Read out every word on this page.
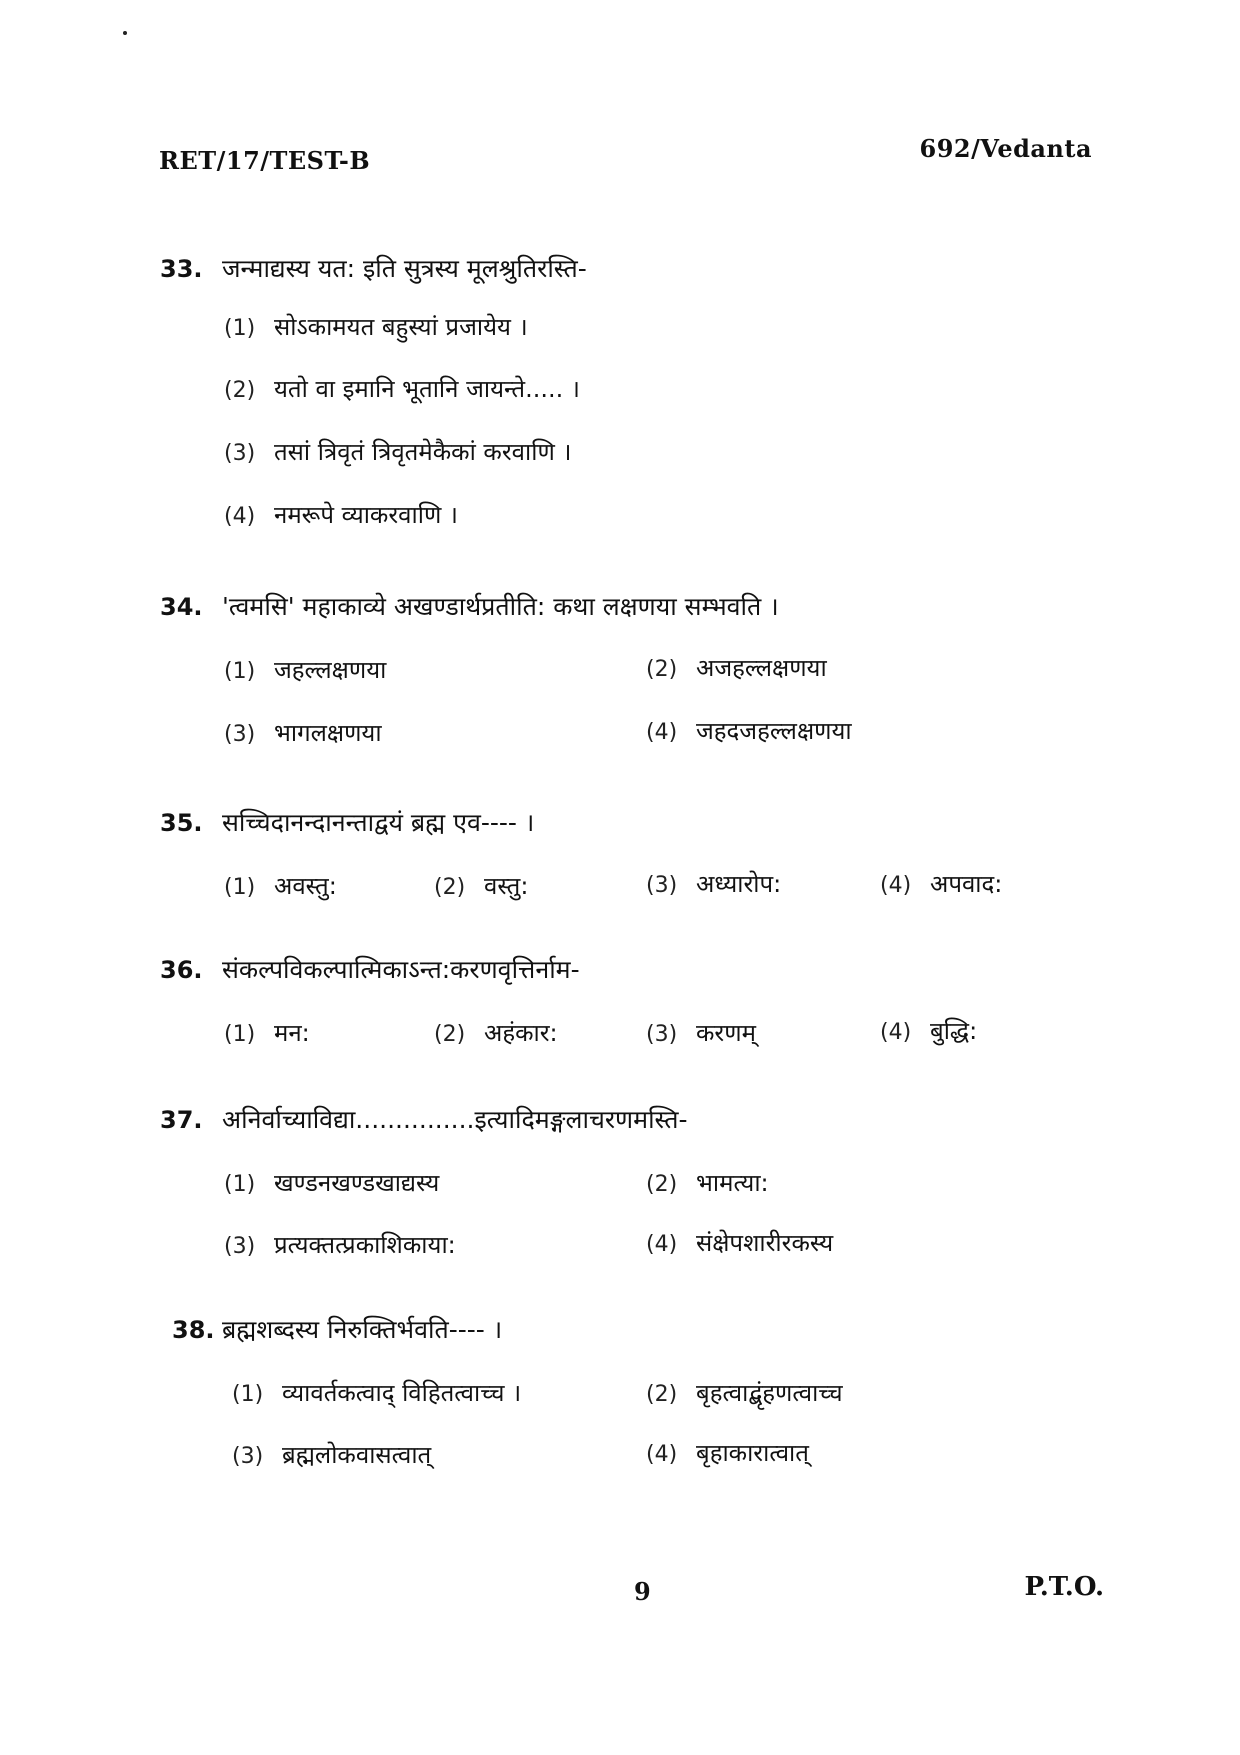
RET/17/TEST-B	692/Vedanta
33. जन्माद्यस्य यत: इति सुत्रस्य मूलश्रुतिरस्ति-
(1) सोऽकामयत बहुस्यां प्रजायेय ।
(2) यतो वा इमानि भूतानि जायन्ते..... ।
(3) तसां त्रिवृतं त्रिवृतमेकैकां करवाणि ।
(4) नमरूपे व्याकरवाणि ।
34. 'त्वमसि' महाकाव्ये अखण्डार्थप्रतीति: कथा लक्षणया सम्भवति ।
(1) जहल्लक्षणया	(2) अजहल्लक्षणया
(3) भागलक्षणया	(4) जहदजहल्लक्षणया
35. सच्चिदानन्दानन्ताद्वयं ब्रह्म एव---- ।
(1) अवस्तु:	(2) वस्तु:	(3) अध्यारोप:	(4) अपवाद:
36. संकल्पविकल्पात्मिकाऽन्त:करणवृत्तिर्नाम-
(1) मन:	(2) अहंकार:	(3) करणम्	(4) बुद्धि:
37. अनिर्वाच्याविद्या...............इत्यादिमङ्गलाचरणमस्ति-
(1) खण्डनखण्डखाद्यस्य	(2) भामत्या:
(3) प्रत्यक्तत्प्रकाशिकाया:	(4) संक्षेपशारीरकस्य
38. ब्रह्मशब्दस्य निरुक्तिर्भवति---- ।
(1) व्यावर्तकत्वाद् विहितत्वाच्च ।	(2) बृहत्वाद्बृंहणत्वाच्च
(3) ब्रह्मलोकवासत्वात्	(4) बृहाकारात्वात्
9	P.T.O.
